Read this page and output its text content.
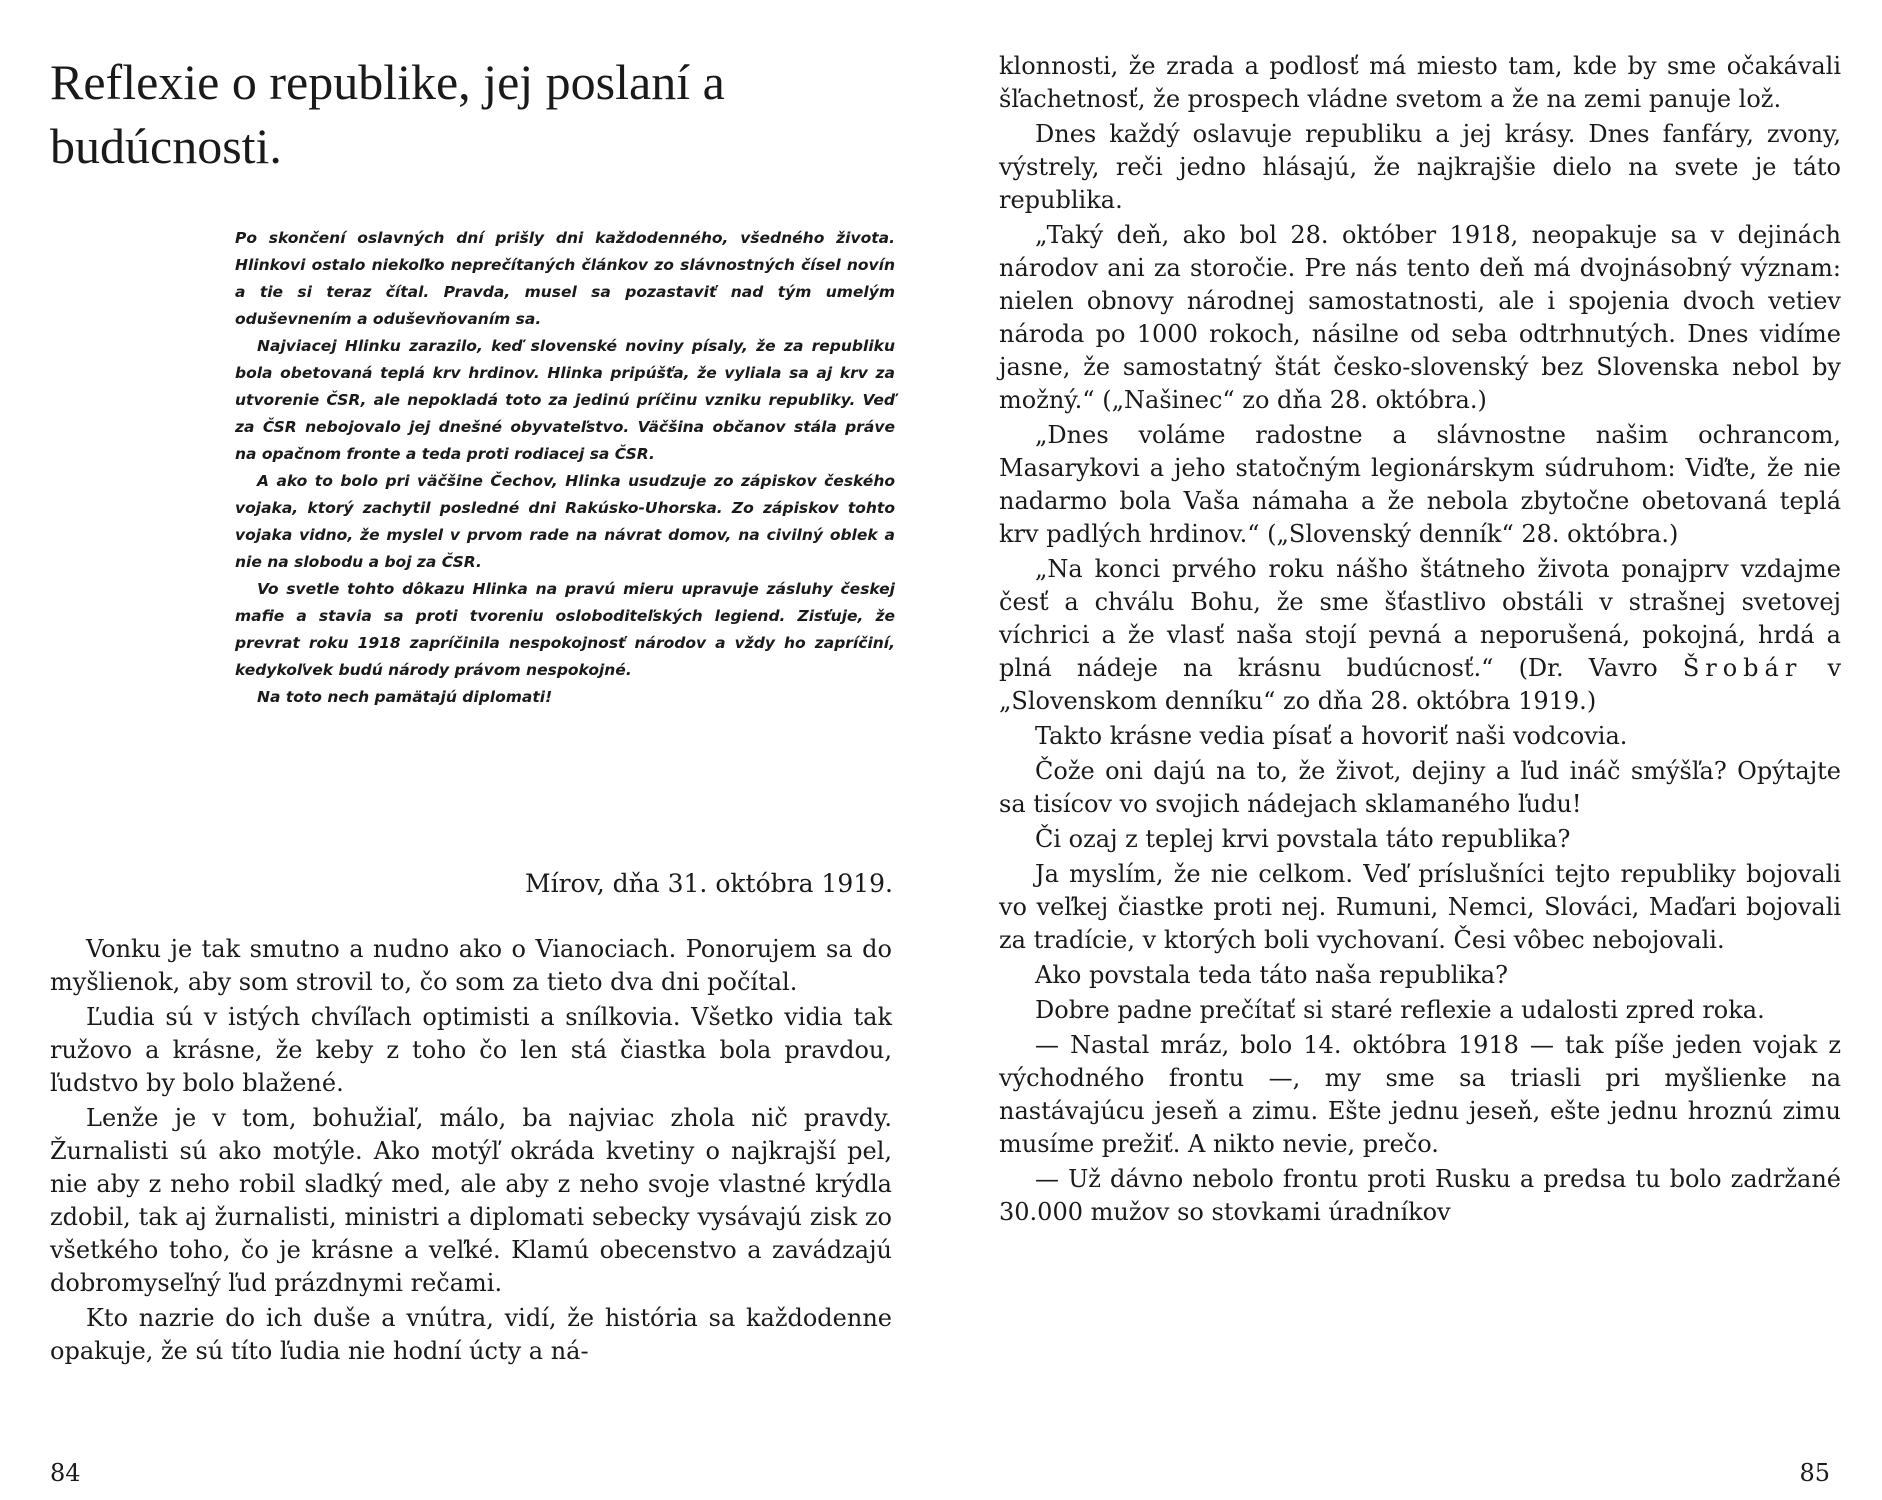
Reflexie o republike, jej poslaní a budúcnosti.

Po skončení oslavných dní prišly dni každodenného, všedného života. Hlinkovi ostalo niekoľko neprečítaných článkov zo slávnostných čísel novín a tie si teraz čítal. Pravda, musel sa pozastaviť nad tým umelým oduševnením a oduševňovaním sa.

Najviacej Hlinku zarazilo, keď slovenské noviny písaly, že za republiku bola obetovaná teplá krv hrdinov. Hlinka pripúšťa, že vyliala sa aj krv za utvorenie ČSR, ale nepokladá toto za jedinú príčinu vzniku republiky. Veď za ČSR nebojovalo jej dnešné obyvateľstvo. Väčšina občanov stála práve na opačnom fronte a teda proti rodiacej sa ČSR.

A ako to bolo pri väčšine Čechov, Hlinka usudzuje zo zápiskov českého vojaka, ktorý zachytil posledné dni Rakúsko-Uhorska. Zo zápiskov tohto vojaka vidno, že myslel v prvom rade na návrat domov, na civilný oblek a nie na slobodu a boj za ČSR.

Vo svetle tohto dôkazu Hlinka na pravú mieru upravuje zásluhy českej mafie a stavia sa proti tvoreniu osloboditeľských legiend. Zisťuje, že prevrat roku 1918 zapríčinila nespokojnosť národov a vždy ho zapríčiní, kedykoľvek budú národy právom nespokojné.

Na toto nech pamätajú diplomati!

Mírov, dňa 31. októbra 1919.

Vonku je tak smutno a nudno ako o Vianociach. Ponorujem sa do myšlienok, aby som strovil to, čo som za tieto dva dni počítal.

Ľudia sú v istých chvíľach optimisti a snílkovia. Všetko vidia tak ružovo a krásne, že keby z toho čo len stá čiastka bola pravdou, ľudstvo by bolo blažené.

Lenže je v tom, bohužiaľ, málo, ba najviac zhola nič pravdy. Žurnalisti sú ako motýle. Ako motýľ okráda kvetiny o najkrajší pel, nie aby z neho robil sladký med, ale aby z neho svoje vlastné krýdla zdobil, tak aj žurnalisti, ministri a diplomati sebecky vysávajú zisk zo všetkého toho, čo je krásne a veľké. Klamú obecenstvo a zavádzajú dobromyseľný ľud prázdnymi rečami.

Kto nazrie do ich duše a vnútra, vidí, že história sa každodenne opakuje, že sú títo ľudia nie hodní úcty a ná-

84

klonnosti, že zrada a podlosť má miesto tam, kde by sme očakávali šľachetnosť, že prospech vládne svetom a že na zemi panuje lož.

Dnes každý oslavuje republiku a jej krásy. Dnes fanfáry, zvony, výstrely, reči jedno hlásajú, že najkrajšie dielo na svete je táto republika.

„Taký deň, ako bol 28. október 1918, neopakuje sa v dejinách národov ani za storočie. Pre nás tento deň má dvojnásobný význam: nielen obnovy národnej samostatnosti, ale i spojenia dvoch vetiev národa po 1000 rokoch, násilne od seba odtrhnutých. Dnes vidíme jasne, že samostatný štát česko-slovenský bez Slovenska nebol by možný.“ („Našinec“ zo dňa 28. októbra.)

„Dnes voláme radostne a slávnostne našim ochrancom, Masarykovi a jeho statočným legionárskym súdruhom: Viďte, že nie nadarmo bola Vaša námaha a že nebola zbytočne obetovaná teplá krv padlých hrdinov.“ („Slovenský denník“ 28. októbra.)

„Na konci prvého roku nášho štátneho života ponajprv vzdajme česť a chválu Bohu, že sme šťastlivo obstáli v strašnej svetovej víchrici a že vlasť naša stojí pevná a neporušená, pokojná, hrdá a plná nádeje na krásnu budúcnosť.“ (Dr. Vavro Šrobár v „Slovenskom denníku“ zo dňa 28. októbra 1919.)

Takto krásne vedia písať a hovoriť naši vodcovia.

Čože oni dajú na to, že život, dejiny a ľud ináč smýšľa? Opýtajte sa tisícov vo svojich nádejach sklamaného ľudu!

Či ozaj z teplej krvi povstala táto republika?

Ja myslím, že nie celkom. Veď príslušníci tejto republiky bojovali vo veľkej čiastke proti nej. Rumuni, Nemci, Slováci, Maďari bojovali za tradície, v ktorých boli vychovaní. Česi vôbec nebojovali.

Ako povstala teda táto naša republika?

Dobre padne prečítať si staré reflexie a udalosti zpred roka.

— Nastal mráz, bolo 14. októbra 1918 — tak píše jeden vojak z východného frontu —, my sme sa triasli pri myšlienke na nastávajúcu jeseň a zimu. Ešte jednu jeseň, ešte jednu hroznú zimu musíme prežiť. A nikto nevie, prečo.

— Už dávno nebolo frontu proti Rusku a predsa tu bolo zadržané 30.000 mužov so stovkami úradníkov

85
